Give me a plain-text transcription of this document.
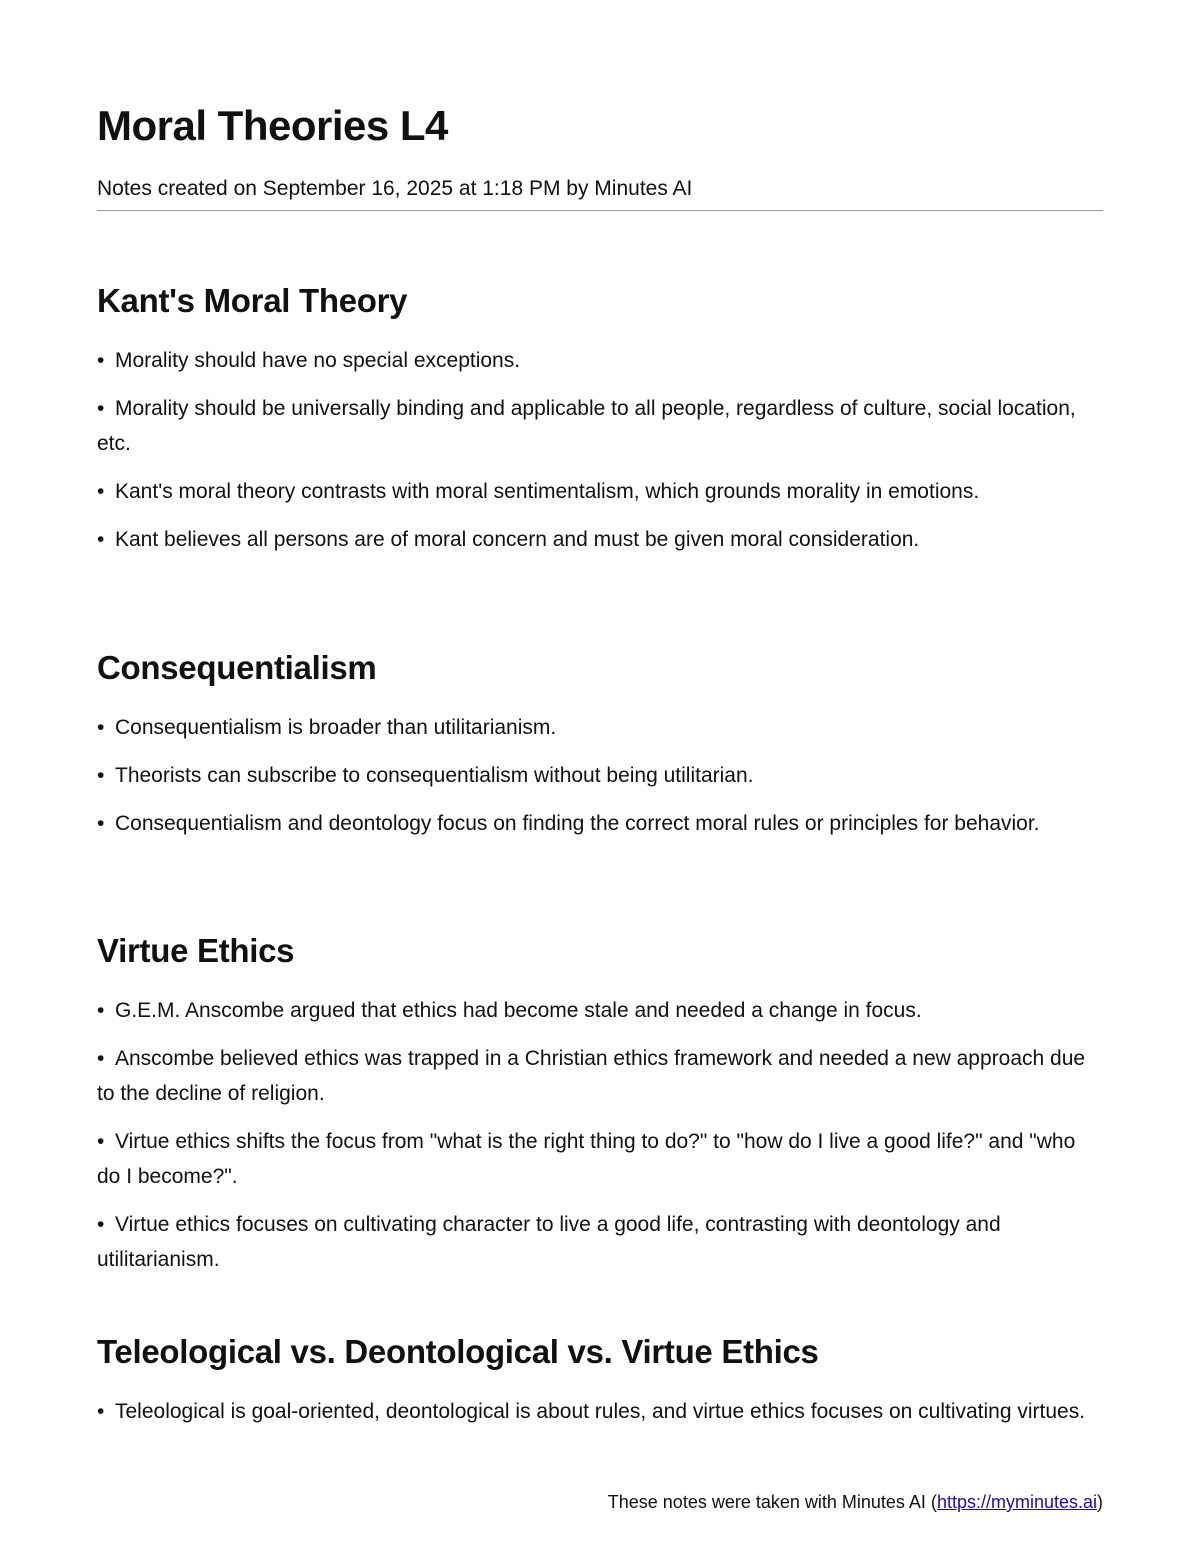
Moral Theories L4

Notes created on September 16, 2025 at 1:18 PM by Minutes AI

Kant's Moral Theory

• Morality should have no special exceptions.

• Morality should be universally binding and applicable to all people, regardless of culture, social location, etc.

• Kant's moral theory contrasts with moral sentimentalism, which grounds morality in emotions.

• Kant believes all persons are of moral concern and must be given moral consideration.

Consequentialism

• Consequentialism is broader than utilitarianism.

• Theorists can subscribe to consequentialism without being utilitarian.

• Consequentialism and deontology focus on finding the correct moral rules or principles for behavior.

Virtue Ethics

• G.E.M. Anscombe argued that ethics had become stale and needed a change in focus.

• Anscombe believed ethics was trapped in a Christian ethics framework and needed a new approach due to the decline of religion.

• Virtue ethics shifts the focus from "what is the right thing to do?" to "how do I live a good life?" and "who do I become?".

• Virtue ethics focuses on cultivating character to live a good life, contrasting with deontology and utilitarianism.

Teleological vs. Deontological vs. Virtue Ethics

• Teleological is goal-oriented, deontological is about rules, and virtue ethics focuses on cultivating virtues.

These notes were taken with Minutes AI (https://myminutes.ai)
